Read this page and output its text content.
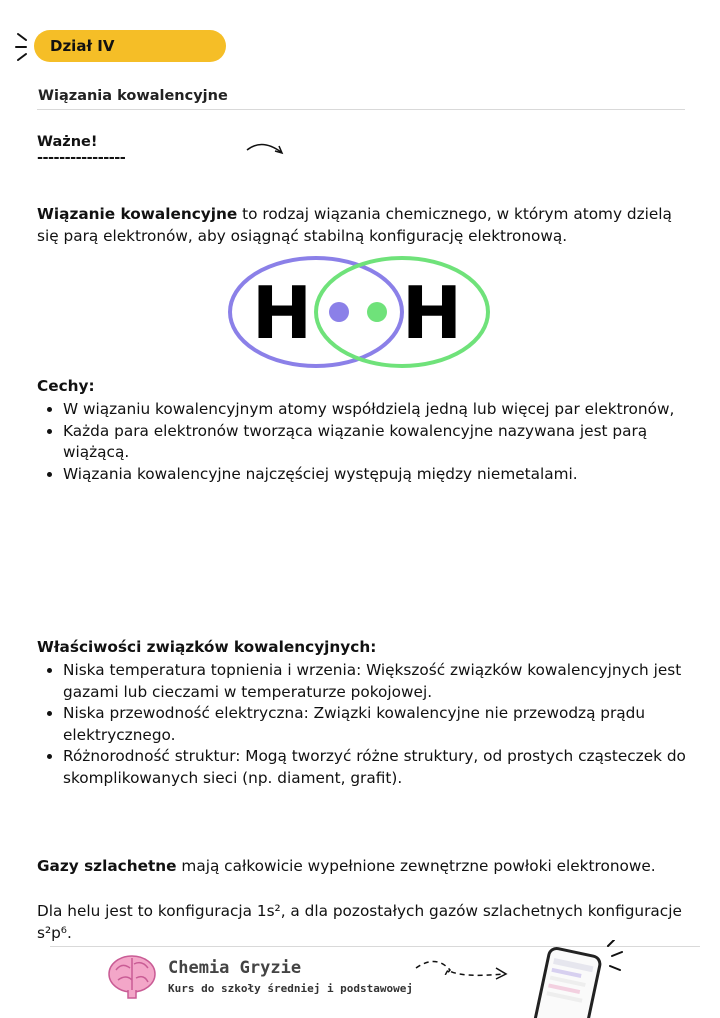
Dział IV
Wiązania kowalencyjne
Ważne!
----------------

Wiązanie kowalencyjne to rodzaj wiązania chemicznego, w którym atomy dzielą się parą elektronów, aby osiągnąć stabilną konfigurację elektronową.

H H
Cechy:
• W wiązaniu kowalencyjnym atomy współdzielą jedną lub więcej par elektronów,
• Każda para elektronów tworząca wiązanie kowalencyjne nazywana jest parą wiążącą.
• Wiązania kowalencyjne najczęściej występują między niemetalami.
Właściwości związków kowalencyjnych:
• Niska temperatura topnienia i wrzenia: Większość związków kowalencyjnych jest gazami lub cieczami w temperaturze pokojowej.
• Niska przewodność elektryczna: Związki kowalencyjne nie przewodzą prądu elektrycznego.
• Różnorodność struktur: Mogą tworzyć różne struktury, od prostych cząsteczek do skomplikowanych sieci (np. diament, grafit).

Gazy szlachetne mają całkowicie wypełnione zewnętrzne powłoki elektronowe.

Dla helu jest to konfiguracja 1s², a dla pozostałych gazów szlachetnych konfiguracje s²p⁶.

Chemia Gryzie
Kurs do szkoły średniej i podstawowej
